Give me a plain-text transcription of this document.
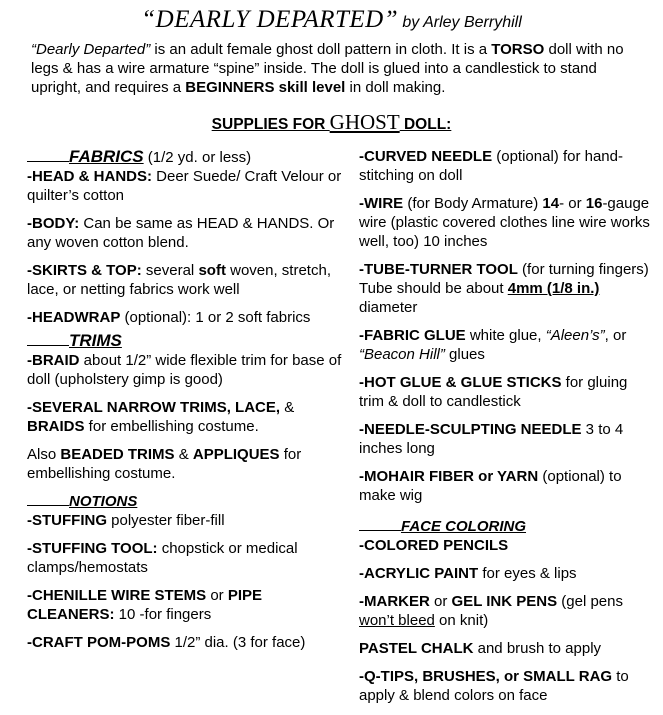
“DEARLY DEPARTED” by Arley Berryhill
“Dearly Departed” is an adult female ghost doll pattern in cloth. It is a TORSO doll with no legs & has a wire armature “spine” inside. The doll is glued into a candlestick to stand upright, and requires a BEGINNERS skill level in doll making.
SUPPLIES FOR GHOST DOLL:
FABRICS (1/2 yd. or less)

-HEAD & HANDS: Deer Suede/ Craft Velour or quilter’s cotton

-BODY: Can be same as HEAD & HANDS. Or any woven cotton blend.

-SKIRTS & TOP: several soft woven, stretch, lace, or netting fabrics work well

-HEADWRAP (optional): 1 or 2 soft fabrics

TRIMS

-BRAID about 1/2” wide flexible trim for base of doll (upholstery gimp is good)

-SEVERAL NARROW TRIMS, LACE, & BRAIDS for embellishing costume.

Also BEADED TRIMS & APPLIQUES for embellishing costume.

NOTIONS

-STUFFING polyester fiber-fill

-STUFFING TOOL: chopstick or medical clamps/hemostats

-CHENILLE WIRE STEMS or PIPE CLEANERS: 10 -for fingers

-CRAFT POM-POMS 1/2” dia. (3 for face)

-CURVED NEEDLE (optional) for hand-stitching on doll

-WIRE (for Body Armature) 14- or 16-gauge wire (plastic covered clothes line wire works well, too) 10 inches

-TUBE-TURNER TOOL (for turning fingers) Tube should be about 4mm (1/8 in.) diameter

-FABRIC GLUE white glue, “Aleen’s”, or “Beacon Hill” glues

-HOT GLUE & GLUE STICKS for gluing trim & doll to candlestick

-NEEDLE-SCULPTING NEEDLE 3 to 4 inches long

-MOHAIR FIBER or YARN (optional) to make wig

FACE COLORING

-COLORED PENCILS

-ACRYLIC PAINT for eyes & lips

-MARKER or GEL INK PENS (gel pens won’t bleed on knit)

PASTEL CHALK and brush to apply

-Q-TIPS, BRUSHES, or SMALL RAG to apply & blend colors on face
